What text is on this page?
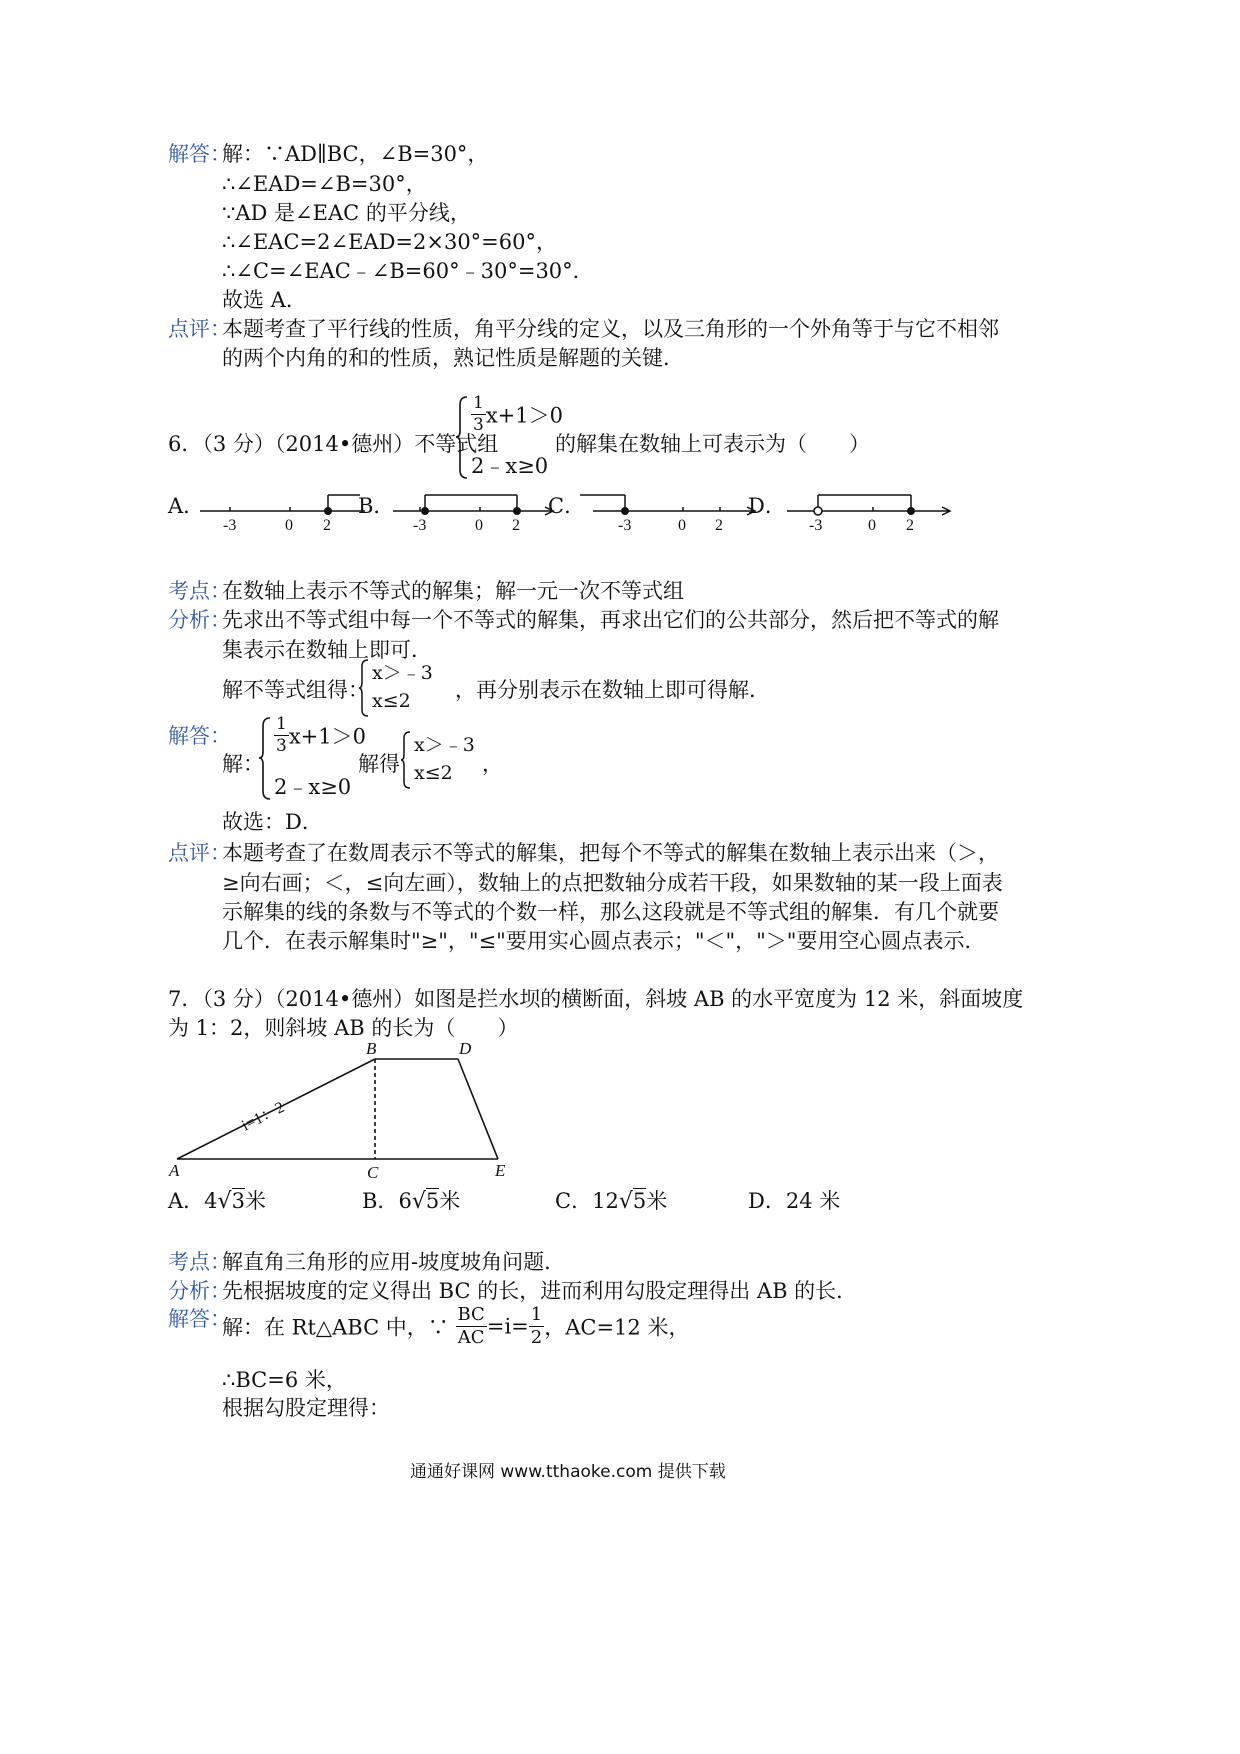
解答：
解：∵AD∥BC，∠B=30°，
∴∠EAD=∠B=30°，
∵AD 是∠EAC 的平分线，
∴∠EAC=2∠EAD=2×30°=60°，
∴∠C=∠EAC﹣∠B=60°﹣30°=30°．
故选 A．
点评：
本题考查了平行线的性质，角平分线的定义，以及三角形的一个外角等于与它不相邻
的两个内角的和的性质，熟记性质是解题的关键．
6．（3 分）（2014•德州）不等式组
$\frac{1}{3} x+1>0$
2﹣x≥0
的解集在数轴上可表示为（　　）
A．	B．	C．	D．
-3	0 2	-3	0 2	-3	0 2	-3	0 2
考点：
在数轴上表示不等式的解集；解一元一次不等式组
分析：
先求出不等式组中每一个不等式的解集，再求出它们的公共部分，然后把不等式的解
集表示在数轴上即可．
解不等式组得：
x＞﹣3
x≤2 ，再分别表示在数轴上即可得解．
解答：
解：
$\frac{1}{3} x+1>0$
2﹣x≥0
解得
x＞﹣3
x≤2 ，
故选：D．
点评：
本题考查了在数周表示不等式的解集，把每个不等式的解集在数轴上表示出来（＞，
≥向右画；＜，≤向左画），数轴上的点把数轴分成若干段，如果数轴的某一段上面表
示解集的线的条数与不等式的个数一样，那么这段就是不等式组的解集．有几个就要
几个．在表示解集时"≥"，"≤"要用实心圆点表示；"＜"，"＞"要用空心圆点表示．
7．（3 分）（2014•德州）如图是拦水坝的横断面，斜坡 AB 的水平宽度为 12 米，斜面坡度
为 1：2，则斜坡 AB 的长为（　　）
A
B
C
D
E
i=1：2
A．4√3米	B．6√5米	C．12√5米	D．24 米
考点：
解直角三角形的应用-坡度坡角问题．
分析：
先根据坡度的定义得出 BC 的长，进而利用勾股定理得出 AB 的长．
解答：
解：在 Rt△ABC 中，∵ $\frac{BC}{AC} =i= \frac{1}{2}$ ，AC=12 米，
∴BC=6 米，
根据勾股定理得：
通通好课网 www.tthaoke.com 提供下载
